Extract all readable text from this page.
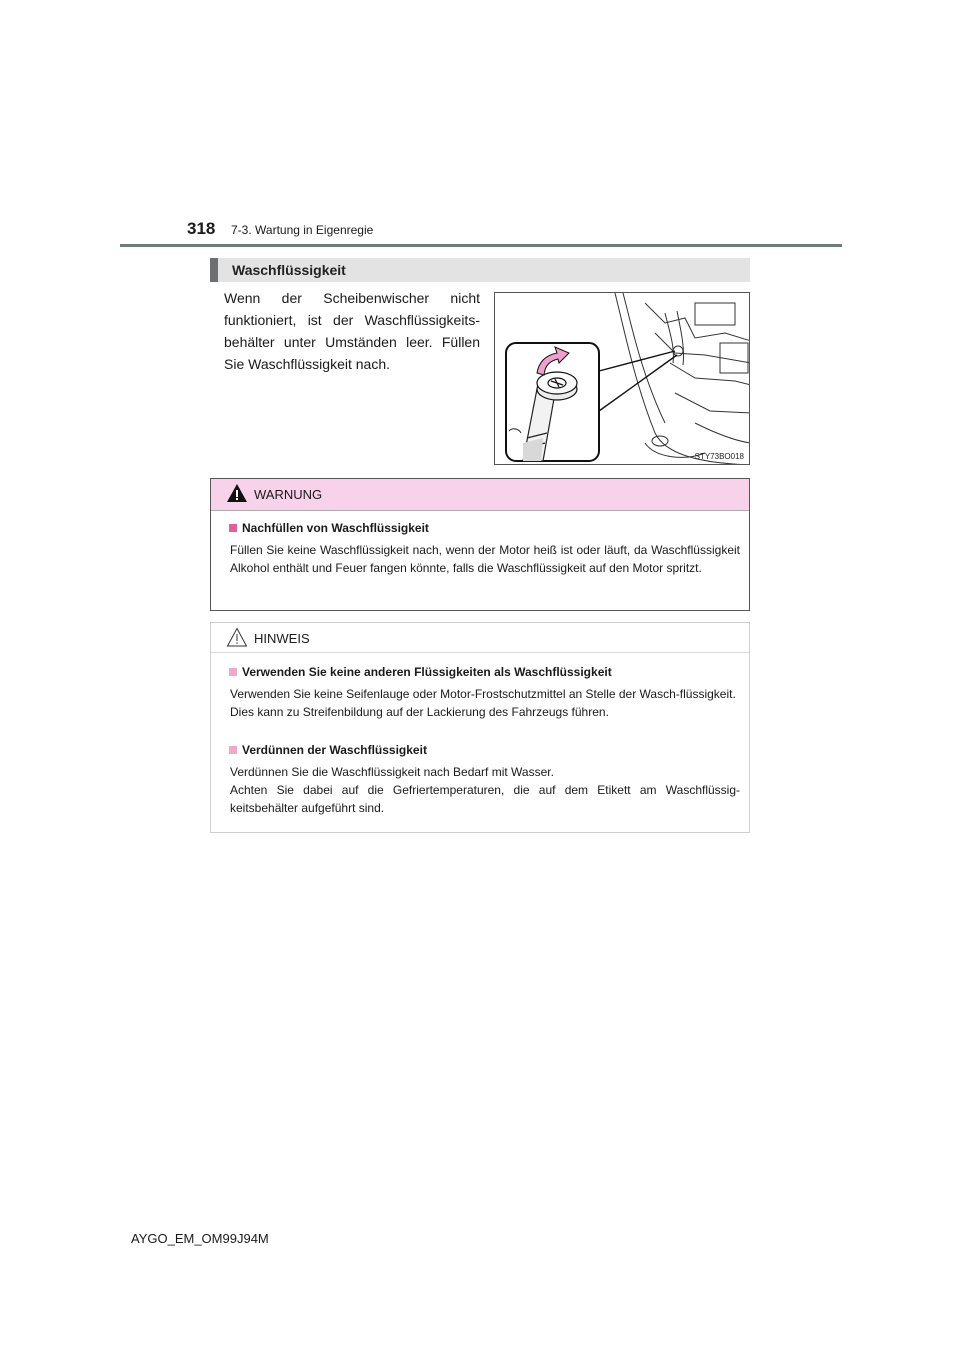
318 7-3. Wartung in Eigenregie
Waschflüssigkeit
Wenn der Scheibenwischer nicht funktioniert, ist der Waschflüssigkeits-behälter unter Umständen leer. Füllen Sie Waschflüssigkeit nach.
STY73BO018
WARNUNG
Nachfüllen von Waschflüssigkeit
Füllen Sie keine Waschflüssigkeit nach, wenn der Motor heiß ist oder läuft, da Waschflüssigkeit Alkohol enthält und Feuer fangen könnte, falls die Waschflüssigkeit auf den Motor spritzt.
HINWEIS
Verwenden Sie keine anderen Flüssigkeiten als Waschflüssigkeit
Verwenden Sie keine Seifenlauge oder Motor-Frostschutzmittel an Stelle der Wasch-flüssigkeit.
Dies kann zu Streifenbildung auf der Lackierung des Fahrzeugs führen.
Verdünnen der Waschflüssigkeit
Verdünnen Sie die Waschflüssigkeit nach Bedarf mit Wasser.
Achten Sie dabei auf die Gefriertemperaturen, die auf dem Etikett am Waschflüssig-keitsbehälter aufgeführt sind.
AYGO_EM_OM99J94M
